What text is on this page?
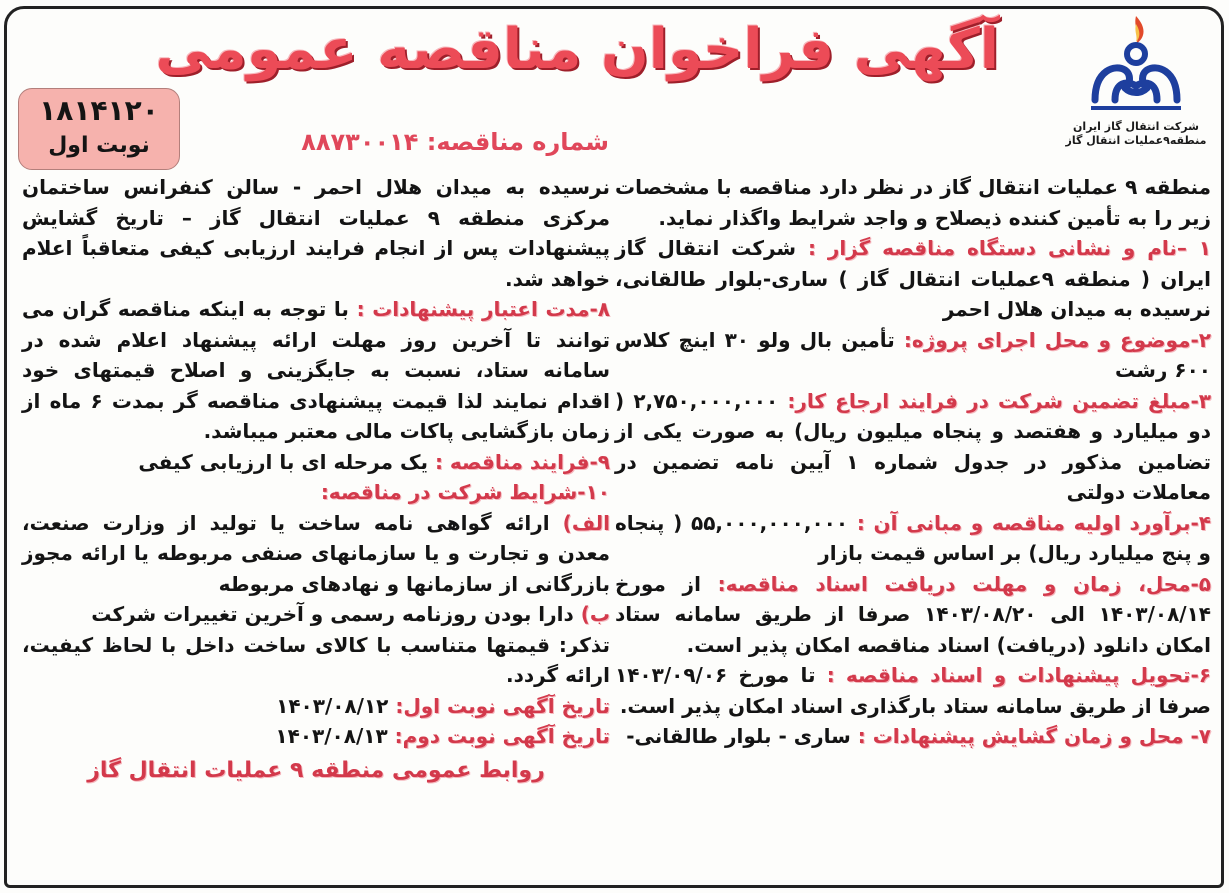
شرکت انتقال گاز ایران
منطقه۹عملیات انتقال گاز
آگهی فراخوان مناقصه عمومی
شماره مناقصه: ۸۸۷۳۰۰۱۴
۱۸۱۴۱۲۰
نوبت اول

منطقه ۹ عملیات انتقال گاز در نظر دارد مناقصه با مشخصات زیر را به تأمین کننده ذیصلاح و واجد شرایط واگذار نماید.

۱ –نام و نشانی دستگاه مناقصه گزار : شرکت انتقال گاز ایران ( منطقه ۹عملیات انتقال گاز ) ساری-بلوار طالقانی، نرسیده به میدان هلال احمر

۲-موضوع و محل اجرای پروژه: تأمین بال ولو ۳۰ اینچ کلاس ۶۰۰ رشت

۳-مبلغ تضمین شرکت در فرایند ارجاع کار: ۲,۷۵۰,۰۰۰,۰۰۰ ( دو میلیارد و هفتصد و پنجاه میلیون ریال) به صورت یکی از تضامین مذکور در جدول شماره ۱ آیین نامه تضمین در معاملات دولتی

۴-برآورد اولیه مناقصه و مبانی آن : ۵۵,۰۰۰,۰۰۰,۰۰۰ ( پنجاه و پنج میلیارد ریال) بر اساس قیمت بازار

۵-محل، زمان و مهلت دریافت اسناد مناقصه: از مورخ ۱۴۰۳/۰۸/۱۴ الی ۱۴۰۳/۰۸/۲۰ صرفا از طریق سامانه ستاد امکان دانلود (دریافت) اسناد مناقصه امکان پذیر است.

۶-تحویل پیشنهادات و اسناد مناقصه : تا مورخ ۱۴۰۳/۰۹/۰۶ صرفا از طریق سامانه ستاد بارگذاری اسناد امکان پذیر است.

۷- محل و زمان گشایش پیشنهادات : ساری - بلوار طالقانی-

نرسیده به میدان هلال احمر - سالن کنفرانس ساختمان مرکزی منطقه ۹ عملیات انتقال گاز – تاریخ گشایش پیشنهادات پس از انجام فرایند ارزیابی کیفی متعاقباً اعلام خواهد شد.

۸-مدت اعتبار پیشنهادات : با توجه به اینکه مناقصه گران می توانند تا آخرین روز مهلت ارائه پیشنهاد اعلام شده در سامانه ستاد، نسبت به جایگزینی و اصلاح قیمتهای خود اقدام نمایند لذا قیمت پیشنهادی مناقصه گر بمدت ۶ ماه از زمان بازگشایی پاکات مالی معتبر میباشد.

۹-فرایند مناقصه : یک مرحله ای با ارزیابی کیفی

۱۰-شرایط شرکت در مناقصه:

الف) ارائه گواهی نامه ساخت یا تولید از وزارت صنعت، معدن و تجارت و یا سازمانهای صنفی مربوطه یا ارائه مجوز بازرگانی از سازمانها و نهادهای مربوطه

ب) دارا بودن روزنامه رسمی و آخرین تغییرات شرکت

تذکر: قیمتها متناسب با کالای ساخت داخل با لحاظ کیفیت، ارائه گردد.

تاریخ آگهی نوبت اول: ۱۴۰۳/۰۸/۱۲

تاریخ آگهی نوبت دوم: ۱۴۰۳/۰۸/۱۳

روابط عمومی منطقه ۹ عملیات انتقال گاز
